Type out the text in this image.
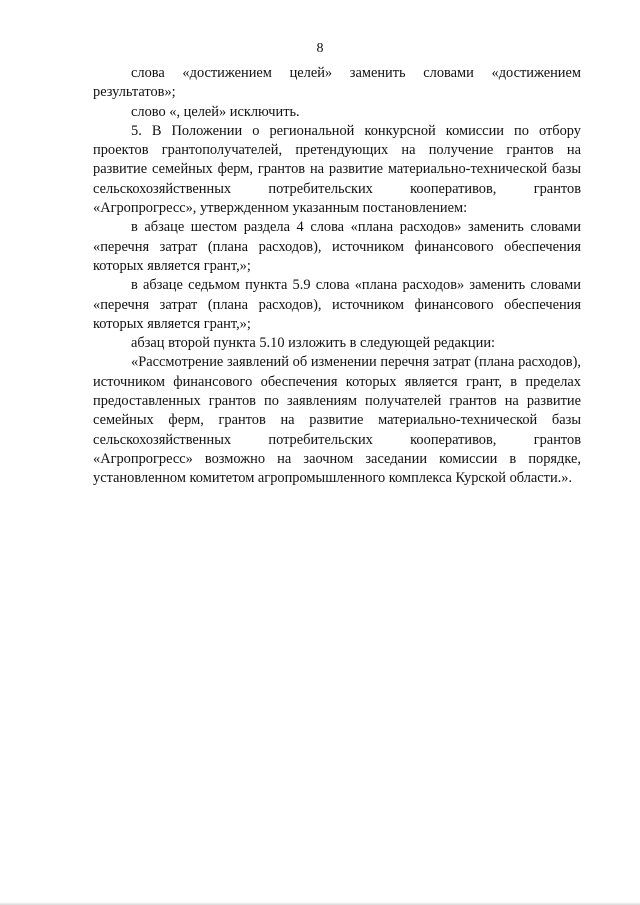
8

слова «достижением целей» заменить словами «достижением результатов»;

слово «, целей» исключить.

5. В Положении о региональной конкурсной комиссии по отбору проектов грантополучателей, претендующих на получение грантов на развитие семейных ферм, грантов на развитие материально-технической базы сельскохозяйственных потребительских кооперативов, грантов «Агропрогресс», утвержденном указанным постановлением:

в абзаце шестом раздела 4 слова «плана расходов» заменить словами «перечня затрат (плана расходов), источником финансового обеспечения которых является грант,»;

в абзаце седьмом пункта 5.9 слова «плана расходов» заменить словами «перечня затрат (плана расходов), источником финансового обеспечения которых является грант,»;

абзац второй пункта 5.10 изложить в следующей редакции:

«Рассмотрение заявлений об изменении перечня затрат (плана расходов), источником финансового обеспечения которых является грант, в пределах предоставленных грантов по заявлениям получателей грантов на развитие семейных ферм, грантов на развитие материально-технической базы сельскохозяйственных потребительских кооперативов, грантов «Агропрогресс» возможно на заочном заседании комиссии в порядке, установленном комитетом агропромышленного комплекса Курской области.».
